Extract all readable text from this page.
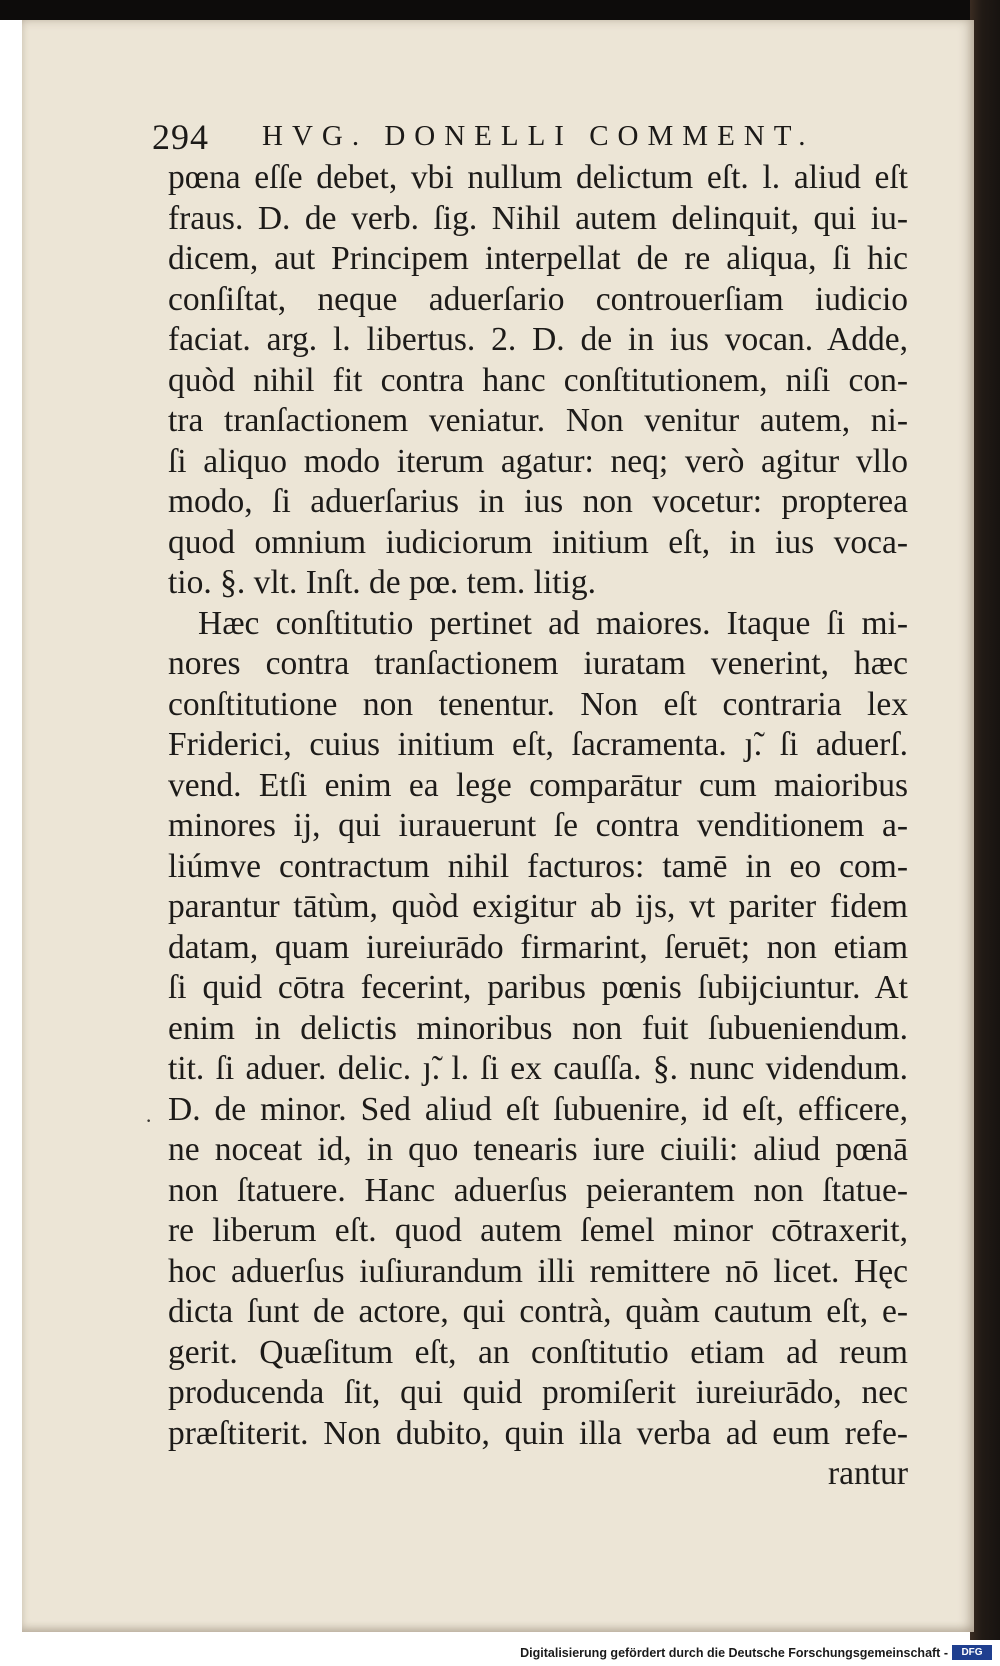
294 HVG. DONELLI COMMENT.
·
pœna eſſe debet, vbi nullum delictum eſt. l. aliud eſt
fraus. D. de verb. ſig. Nihil autem delinquit, qui iu-
dicem, aut Principem interpellat de re aliqua, ſi hic
conſiſtat, neque aduerſario controuerſiam iudicio
faciat. arg. l. libertus. 2. D. de in ius vocan. Adde,
quòd nihil fit contra hanc conſtitutionem, niſi con-
tra tranſactionem veniatur. Non venitur autem, ni-
ſi aliquo modo iterum agatur: neq; verò agitur vllo
modo, ſi aduerſarius in ius non vocetur: propterea
quod omnium iudiciorum initium eſt, in ius voca-
tio. §. vlt. Inſt. de pœ. tem. litig.
Hæc conſtitutio pertinet ad maiores. Itaque ſi mi-
nores contra tranſactionem iuratam venerint, hæc
conſtitutione non tenentur. Non eſt contraria lex
Friderici, cuius initium eſt, ſacramenta. ȷ̃. ſi aduerſ.
vend. Etſi enim ea lege comparātur cum maioribus
minores ij, qui iurauerunt ſe contra venditionem a-
liúmve contractum nihil facturos: tamē in eo com-
parantur tātùm, quòd exigitur ab ijs, vt pariter fidem
datam, quam iureiurādo firmarint, ſeruēt; non etiam
ſi quid cōtra fecerint, paribus pœnis ſubijciuntur. At
enim in delictis minoribus non fuit ſubueniendum.
tit. ſi aduer. delic. ȷ̃. l. ſi ex cauſſa. §. nunc videndum.
D. de minor. Sed aliud eſt ſubuenire, id eſt, efficere,
ne noceat id, in quo tenearis iure ciuili: aliud pœnā
non ſtatuere. Hanc aduerſus peierantem non ſtatue-
re liberum eſt. quod autem ſemel minor cōtraxerit,
hoc aduerſus iuſiurandum illi remittere nō licet. Hęc
dicta ſunt de actore, qui contrà, quàm cautum eſt, e-
gerit. Quæſitum eſt, an conſtitutio etiam ad reum
producenda ſit, qui quid promiſerit iureiurādo, nec
præſtiterit. Non dubito, quin illa verba ad eum refe-
rantur
Digitalisierung gefördert durch die Deutsche Forschungsgemeinschaft -	DFG
